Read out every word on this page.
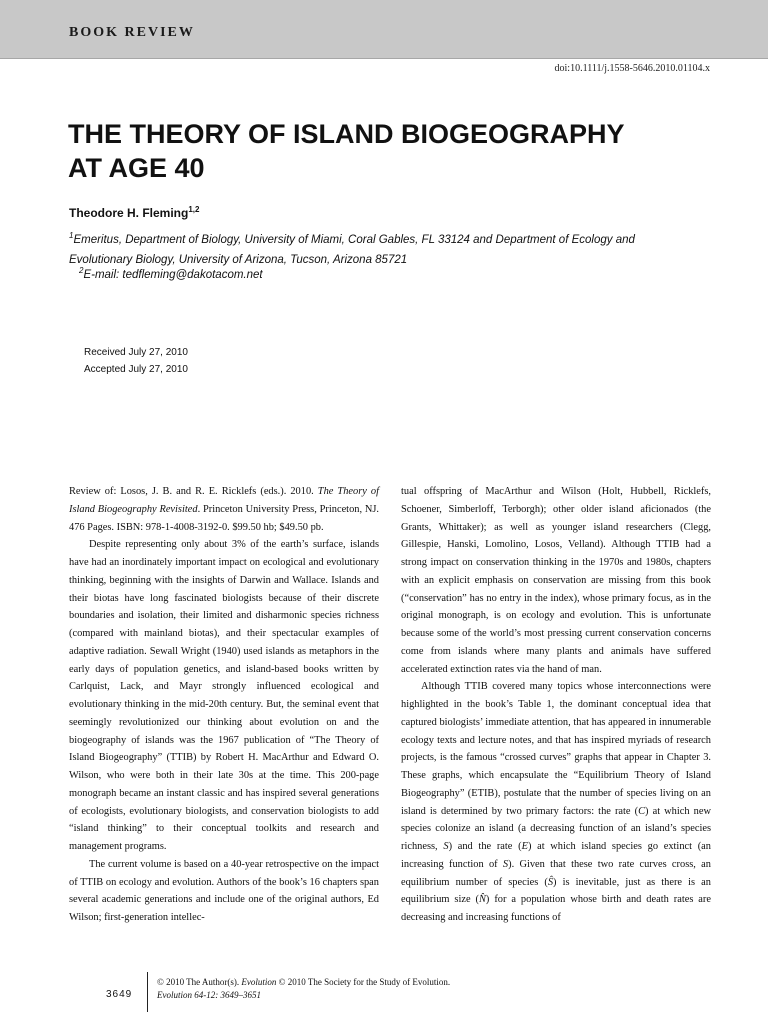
BOOK REVIEW
doi:10.1111/j.1558-5646.2010.01104.x
THE THEORY OF ISLAND BIOGEOGRAPHY
AT AGE 40
Theodore H. Fleming$^{1,2}$
$^1$Emeritus, Department of Biology, University of Miami, Coral Gables, FL 33124 and Department of Ecology and
Evolutionary Biology, University of Arizona, Tucson, Arizona 85721
$^2$E-mail: tedfleming@dakotacom.net
Received July 27, 2010
Accepted July 27, 2010

Review of: Losos, J. B. and R. E. Ricklefs (eds.). 2010. The Theory of Island Biogeography Revisited. Princeton University Press, Princeton, NJ. 476 Pages. ISBN: 978-1-4008-3192-0. $99.50 hb; $49.50 pb.

Despite representing only about 3% of the earth’s surface, islands have had an inordinately important impact on ecological and evolutionary thinking, beginning with the insights of Darwin and Wallace. Islands and their biotas have long fascinated biologists because of their discrete boundaries and isolation, their limited and disharmonic species richness (compared with mainland biotas), and their spectacular examples of adaptive radiation. Sewall Wright (1940) used islands as metaphors in the early days of population genetics, and island-based books written by Carlquist, Lack, and Mayr strongly influenced ecological and evolutionary thinking in the mid-20th century. But, the seminal event that seemingly revolutionized our thinking about evolution on and the biogeography of islands was the 1967 publication of “The Theory of Island Biogeography” (TTIB) by Robert H. MacArthur and Edward O. Wilson, who were both in their late 30s at the time. This 200-page monograph became an instant classic and has inspired several generations of ecologists, evolutionary biologists, and conservation biologists to add “island thinking” to their conceptual toolkits and research and management programs.

The current volume is based on a 40-year retrospective on the impact of TTIB on ecology and evolution. Authors of the book’s 16 chapters span several academic generations and include one of the original authors, Ed Wilson; first-generation intellec-

tual offspring of MacArthur and Wilson (Holt, Hubbell, Ricklefs, Schoener, Simberloff, Terborgh); other older island aficionados (the Grants, Whittaker); as well as younger island researchers (Clegg, Gillespie, Hanski, Lomolino, Losos, Velland). Although TTIB had a strong impact on conservation thinking in the 1970s and 1980s, chapters with an explicit emphasis on conservation are missing from this book (“conservation” has no entry in the index), whose primary focus, as in the original monograph, is on ecology and evolution. This is unfortunate because some of the world’s most pressing current conservation concerns come from islands where many plants and animals have suffered accelerated extinction rates via the hand of man.

Although TTIB covered many topics whose interconnections were highlighted in the book’s Table 1, the dominant conceptual idea that captured biologists’ immediate attention, that has appeared in innumerable ecology texts and lecture notes, and that has inspired myriads of research projects, is the famous “crossed curves” graphs that appear in Chapter 3. These graphs, which encapsulate the “Equilibrium Theory of Island Biogeography” (ETIB), postulate that the number of species living on an island is determined by two primary factors: the rate (C) at which new species colonize an island (a decreasing function of an island’s species richness, S) and the rate (E) at which island species go extinct (an increasing function of S). Given that these two rate curves cross, an equilibrium number of species (Ŝ) is inevitable, just as there is an equilibrium size (N̂) for a population whose birth and death rates are decreasing and increasing functions of

3649
© 2010 The Author(s). Evolution © 2010 The Society for the Study of Evolution.
Evolution 64-12: 3649–3651
